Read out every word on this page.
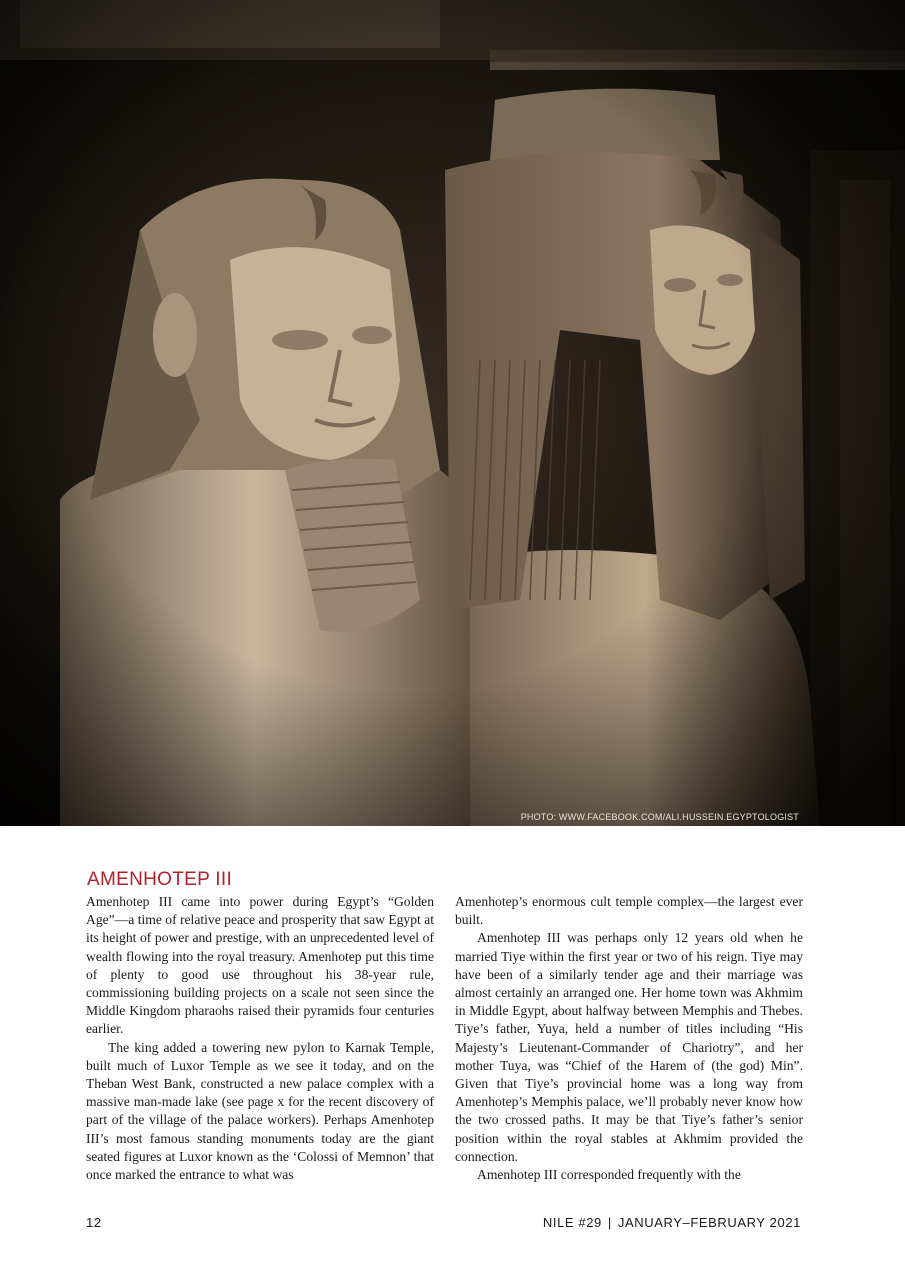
PHOTO: WWW.FACEBOOK.COM/ALI.HUSSEIN.EGYPTOLOGIST
AMENHOTEP III

Amenhotep III came into power during Egypt’s “Golden Age”—a time of relative peace and prosperity that saw Egypt at its height of power and prestige, with an unprecedented level of wealth flowing into the royal treasury. Amenhotep put this time of plenty to good use throughout his 38-year rule, commissioning building projects on a scale not seen since the Middle Kingdom pharaohs raised their pyramids four centuries earlier.

The king added a towering new pylon to Karnak Temple, built much of Luxor Temple as we see it today, and on the Theban West Bank, constructed a new palace complex with a massive man-made lake (see page x for the recent discovery of part of the village of the palace workers). Perhaps Amenhotep III’s most famous standing monuments today are the giant seated figures at Luxor known as the ‘Colossi of Memnon’ that once marked the entrance to what was

Amenhotep’s enormous cult temple complex—the largest ever built.

Amenhotep III was perhaps only 12 years old when he married Tiye within the first year or two of his reign. Tiye may have been of a similarly tender age and their marriage was almost certainly an arranged one. Her home town was Akhmim in Middle Egypt, about halfway between Memphis and Thebes. Tiye’s father, Yuya, held a number of titles including “His Majesty’s Lieutenant-Commander of Chariotry”, and her mother Tuya, was “Chief of the Harem of (the god) Min”. Given that Tiye’s provincial home was a long way from Amenhotep’s Memphis palace, we’ll probably never know how the two crossed paths. It may be that Tiye’s father’s senior position within the royal stables at Akhmim provided the connection.

Amenhotep III corresponded frequently with the

12	NILE #29 | JANUARY–FEBRUARY 2021
